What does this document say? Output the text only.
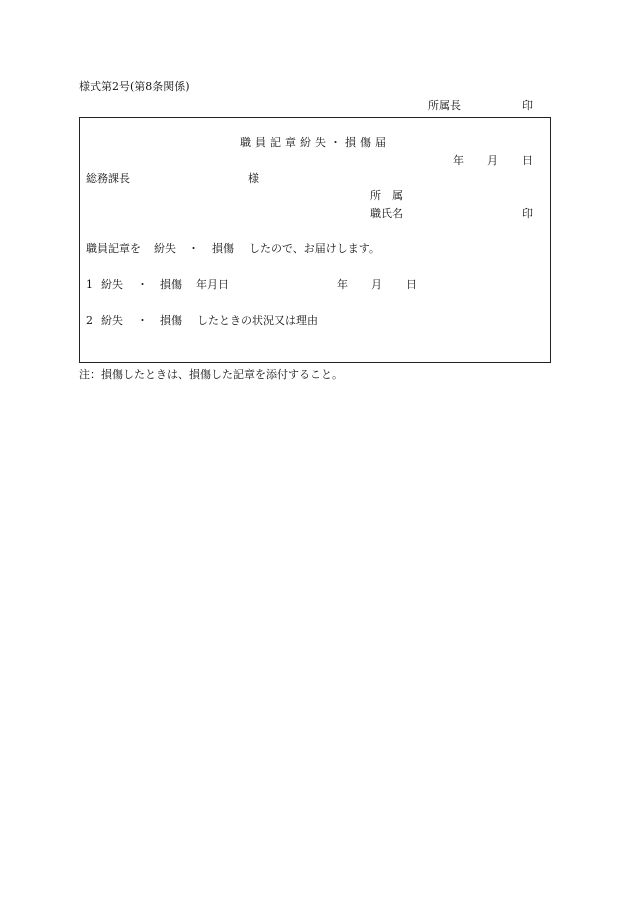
様式第2号(第8条関係)
所属長	印
職員記章紛失・損傷届
年 月 日
総務課長	様
所　属
職氏名	印
職員記章を 紛失 ・ 損傷 したので、お届けします。
1 紛失 ・ 損傷 年月日	年 月 日
2 紛失 ・ 損傷 したときの状況又は理由
注：損傷したときは、損傷した記章を添付すること。
